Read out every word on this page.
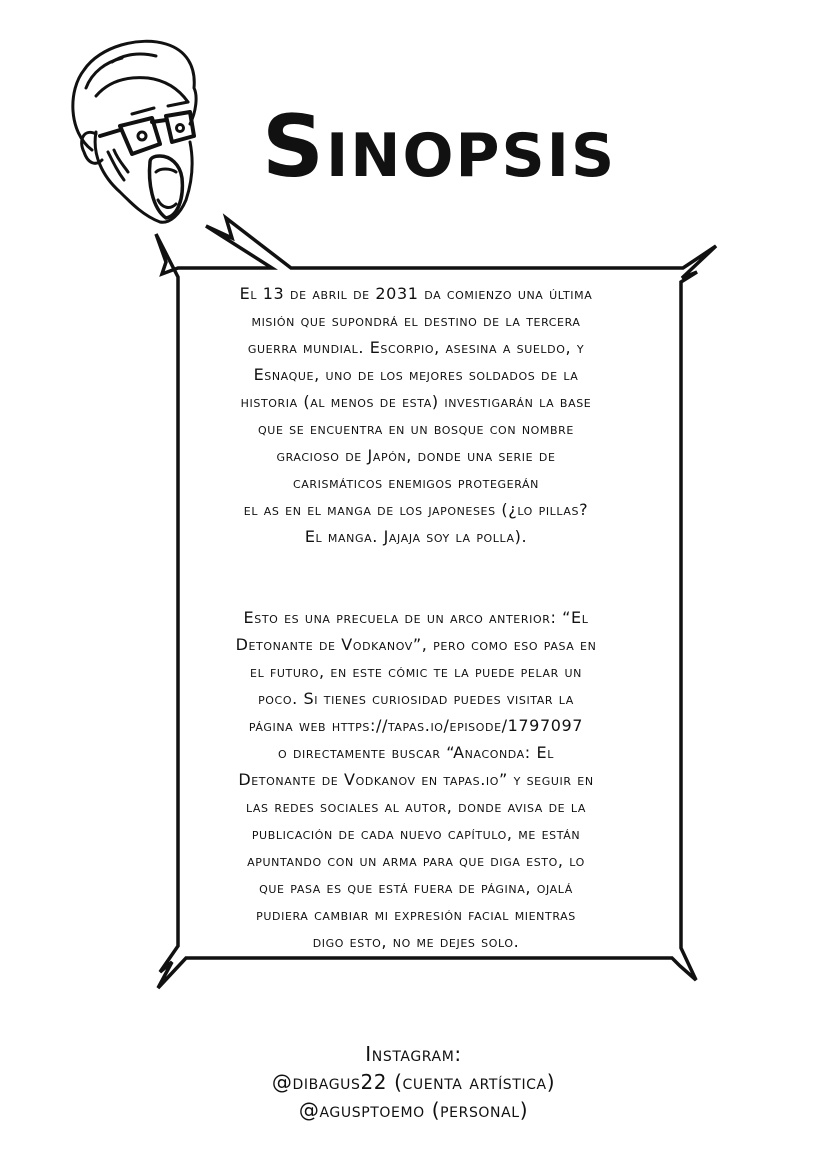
Sinopsis

El 13 de abril de 2031 da comienzo una última
misión que supondrá el destino de la tercera
guerra mundial. Escorpio, asesina a sueldo, y
Esnaque, uno de los mejores soldados de la
historia (al menos de esta) investigarán la base
que se encuentra en un bosque con nombre
gracioso de Japón, donde una serie de
carismáticos enemigos protegerán
el as en el manga de los japoneses (¿lo pillas?
El manga. Jajaja soy la polla).

Esto es una precuela de un arco anterior: “El
Detonante de Vodkanov”, pero como eso pasa en
el futuro, en este cómic te la puede pelar un
poco. Si tienes curiosidad puedes visitar la
página web https://tapas.io/episode/1797097
o directamente buscar “Anaconda: El
Detonante de Vodkanov en tapas.io” y seguir en
las redes sociales al autor, donde avisa de la
publicación de cada nuevo capítulo, me están
apuntando con un arma para que diga esto, lo
que pasa es que está fuera de página, ojalá
pudiera cambiar mi expresión facial mientras
digo esto, no me dejes solo.

Instagram:
@dibagus22 (cuenta artística)
@agusptoemo (personal)
